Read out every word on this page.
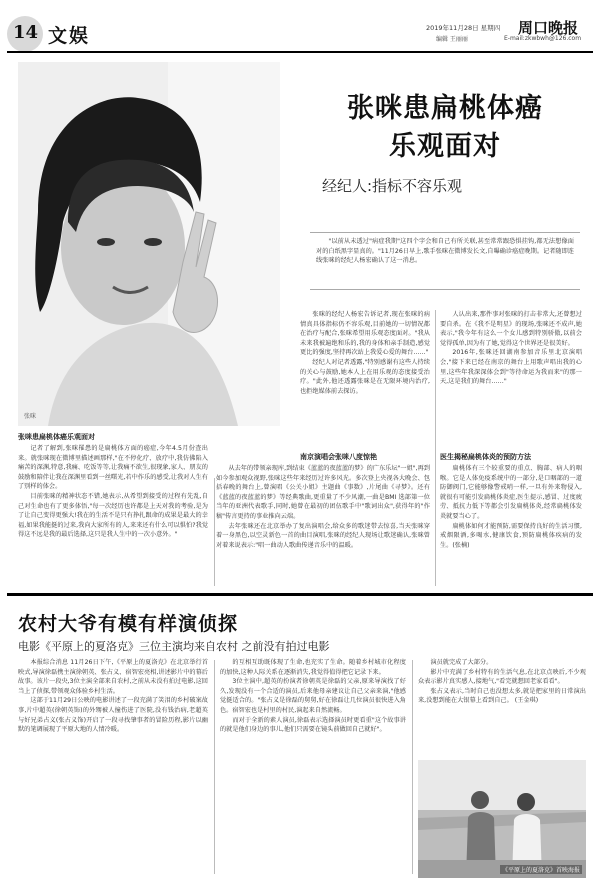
14 文娱	2019年11月28日 星期四 周口晚报
编辑 王丽丽	E-mail:zkwbwh@126.com
张咪
张咪患扁桃体癌
乐观面对
经纪人:指标不容乐观
"以前从未透过"病症我期"这四个字会和自己有所关联,甚至常常跟恐惧挂钩,都无法想像面对的白纸黑字显真的。"11月26日早上,歌手张咪在微博发长文,自曝确诊癌症晚期。记者随即连线张咪的经纪人杨宏确认了这一消息。
张咪患扁桃体癌乐观面对

记者了解到,张咪罹患的是扁桃体方面的癌症,今年4.5月份查出来。就张咪现在微博里描述画那样,"在不停化疗、放疗中,我仿佛陷入痛苦的深渊,特意,我痛、吃饭等等,让我痛不欲生,很现象,家人、朋友的鼓励和陪伴让我在深渊里看到一丝曙光,若中作乐的感受,让我对人生有了别样的体会。

目前张咪的精神状态不错,她表示,从希望到接受的过程有先乱,自己对生命也有了更多体悟,"每一次经历也许都是上天对我的考验,是为了让自己变得更强大!我在的生活不是只有挣扎跟命的成果是最大的幸福,如果我能挺的过来,我向大家所有的人,来来还有什么可以惧怕?我觉得这不远是我的最后选择,这只是我人生中的一次小意外。"

张咪的经纪人杨宏告诉记者,现在张咪的病情真具体指标仍不容乐观,目前她的一切情况都在治疗与配合,张咪希望用乐观态度面对。"我从未来我被遍绝和乐的,我的身体和亲手制造,感觉更比的强度,坚持再次站上我爱心爱的舞台……"

经纪人对记者透露,"特别感谢有这些人持续的关心与鼓励,她本人上在用乐观的态度接受治疗。"此外,他还透露张咪是在无限环境内治疗,也拒绝媒体前去探访。

南京演唱会张咪八度惊艳

从去年的带领亲现库,到结束《蓝蓝的夜蓝蓝的梦》的广东乐坛"一姐",再到如今参加观众视野,张咪这些年来经历过许多风光。多次登上央视各大晚会、包括春晚的舞台上,曾演唱《公关小姐》主题曲《事数》,片尾曲《寻梦》。还有《蓝蓝的夜蓝蓝的梦》等经典歌曲,更重量了不少风潮,一曲是BMI 选部第一位当年的亚洲代表歌手,同时,她曾在最初的团伍歌手中"歌词出众",获得年的"作稿"传言更持的事业推向云端。

去年张咪还在北京举办了复出演唱会,给众多的歌迷带去惊喜,当天张咪穿着一身黑色,以空灵新色一首的曲目演唱,张咪的经纪人现场让歌迷确认,张咪曾对着来说表示:"唱一曲动人歌曲传递音乐中的温暖。

人认出来,那件事对张咪的打击非常大,还曾想过要自杀。在《我不是明星》的现场,张咪还不成声,她表示,"我今年有这么一个女儿感到特别骄傲,以前会觉得孤单,因为有了她,觉得这个世界还是很美好。

2016年,张咪还回湖南参加音乐里北京演唱会,"接下来已经在南京的舞台上用歌声唱出我的心里,这些年我深深体会到"等待命运为我而来"的那一天,这是我们的舞台……"

医生揭秘扁桃体炎的预防方法

扁桃体有三个较重要的重点、胸部、病人的咽喉。它是人体免疫系统中的一部分,是口咽部的一道防御阀门,它能够像警戒哨一样,一旦有外来物侵入,就很有可能引发扁桃体炎症,医生提示,感冒、过度疲劳、抵抗力低下等都会引发扁桃体炎,经常扁桃体发炎就要当心了。

扁桃体如何才能预防,需要保持良好的生活习惯,戒烟限酒,多喝水,健康饮食,预防扁桃体疾病的发生。(张楠)

农村大爷有模有样演侦探
电影《平原上的夏洛克》三位主演均来自农村 之前没有拍过电影

本报综合消息 11月26日下午,《平原上的夏洛克》在北京举行首映式,导演徐磊携主演徐朝英、张占义、宿智宏亮相,讲述影片中的幕后故事。该片一段央,3位主演全部来自农村,之前从未没有拍过电影,这回当上了侦探,带领观众体验乡村生活。

这部于11月29日公映的电影讲述了一段充满了笑泪的乡村破案故事,片中超英(徐朝英饰)的外甥被人撞伤进了医院,没有钱治病,老超英与好兄弟占义(张占义饰)开启了一段寻找肇事者的冒险历程,影片以幽默的笔调展现了平原大地的人情冷暖。

的互相互助既体现了生命,也充实了生命。随着乡村城市化程度的加快,这种人际关系在逐渐消失,我觉得值得把它记录下来。

3位主演中,超英的扮演者徐朝英是徐磊的父亲,原来导演找了好久,发现没有一个合适的演员,后来他母亲建议让自己父亲来演,"他感觉挺适合的。"张占义是徐磊的舅舅,好在徐磊让几位演员很快进入角色。宿智宏也是村里的村民,演起来自然流畅。

而对于全新的素人演员,徐磊表示选择演员时更看重"这个故事讲的就是他们身边的事儿,他们只需要在镜头前做回自己就好"。

演员就完成了大部分。

影片中充满了乡村特有的生活气息,在北京点映后,不少观众表示影片真实感人,接地气,"看完就想回老家看看"。

张占义表示,当时自己也没想太多,就是把家里的日常演出来,没想到能在大银幕上看到自己。 (王金琪)

《平原上的夏洛克》首映海报
